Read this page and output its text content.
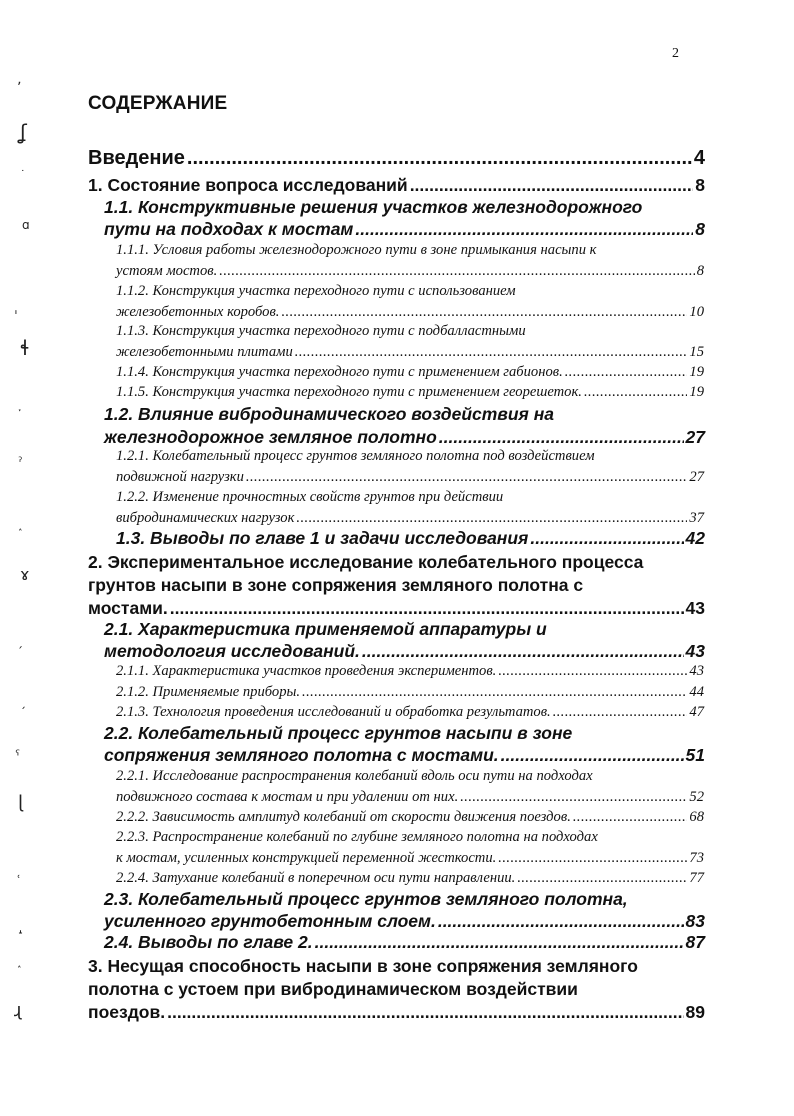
2
СОДЕРЖАНИЕ
Введение .....	4
1. Состояние вопроса исследований .....	8
1.1. Конструктивные решения участков железнодорожного
пути на подходах к мостам .....	8
1.1.1. Условия работы железнодорожного пути в зоне примыкания насыпи к
устоям мостов. .....	8
1.1.2. Конструкция участка переходного пути с использованием
железобетонных коробов. .....	10
1.1.3. Конструкция участка переходного пути с подбалластными
железобетонными плитами .....	15
1.1.4. Конструкция участка переходного пути с применением габионов. .....	19
1.1.5. Конструкция участка переходного пути с применением георешеток. .....	19
1.2. Влияние вибродинамического воздействия на
железнодорожное земляное полотно .....	27
1.2.1. Колебательный процесс грунтов земляного полотна под воздействием
подвижной нагрузки .....	27
1.2.2. Изменение прочностных свойств грунтов при действии
вибродинамических нагрузок .....	37
1.3. Выводы по главе 1 и задачи исследования .....	42
2. Экспериментальное исследование колебательного процесса
грунтов насыпи в зоне сопряжения земляного полотна с
мостами. .....	43
2.1. Характеристика применяемой аппаратуры и
методология исследований. .....	43
2.1.1. Характеристика участков проведения экспериментов. .....	43
2.1.2. Применяемые приборы. .....	44
2.1.3. Технология проведения исследований и обработка результатов. .....	47
2.2. Колебательный процесс грунтов насыпи в зоне
сопряжения земляного полотна с мостами. .....	51
2.2.1. Исследование распространения колебаний вдоль оси пути на подходах
подвижного состава к мостам и при удалении от них. .....	52
2.2.2. Зависимость амплитуд колебаний от скорости движения поездов. .....	68
2.2.3. Распространение колебаний по глубине земляного полотна на подходах
к мостам, усиленных конструкцией переменной жесткости. .....	73
2.2.4. Затухание колебаний в поперечном оси пути направлении. .....	77
2.3. Колебательный процесс грунтов земляного полотна,
усиленного грунтобетонным слоем. .....	83
2.4. Выводы по главе 2. .....	87
3. Несущая способность насыпи в зоне сопряжения земляного
полотна с устоем при вибродинамическом воздействии
поездов. .....	89
ʼ
ʆ
˙
ɑ
ˌ
ɬ
ˑ
ˀ
˰
ɤ
ˊ
ˏ
ˁ
ɭ
˓
˔
˰
ɻ
